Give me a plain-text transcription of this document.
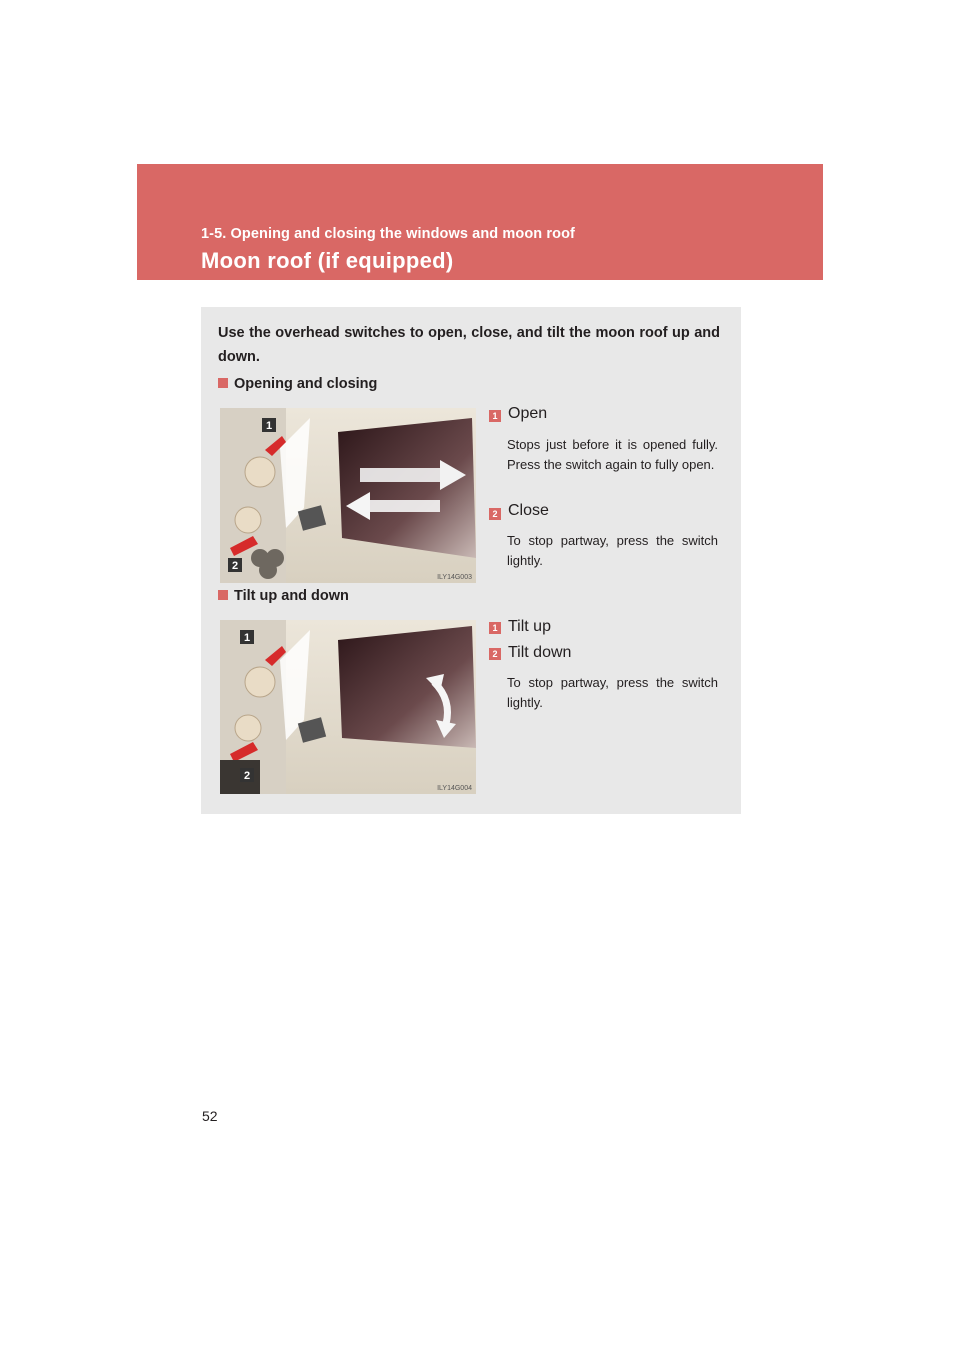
1-5. Opening and closing the windows and moon roof
Moon roof (if equipped)
Use the overhead switches to open, close, and tilt the moon roof up and down.
Opening and closing
1
2
ILY14G003
1 Open
Stops just before it is opened fully. Press the switch again to fully open.
2 Close
To stop partway, press the switch lightly.
Tilt up and down
1
2
ILY14G004
1 Tilt up
2 Tilt down
To stop partway, press the switch lightly.
52
